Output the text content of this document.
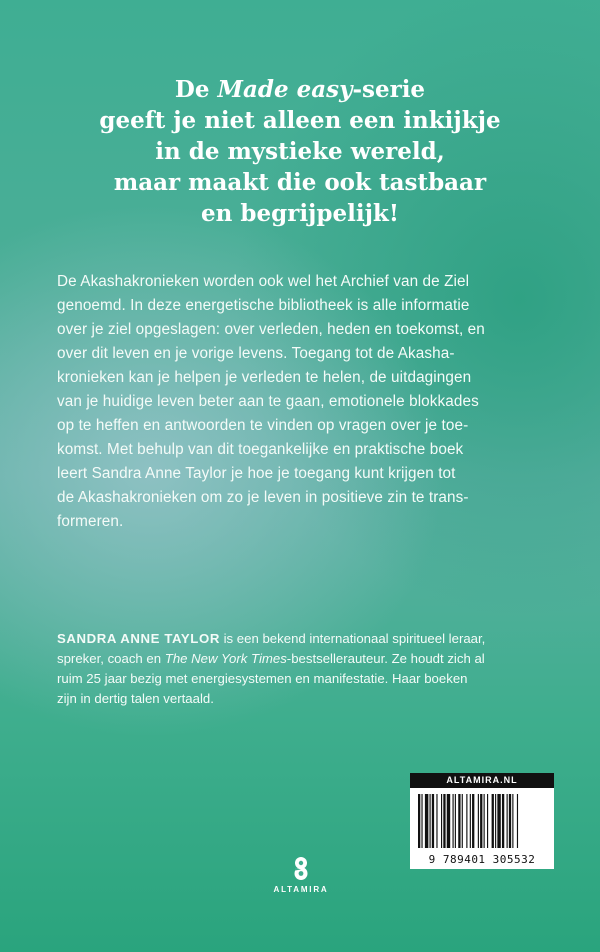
De Made easy-serie
geeft je niet alleen een inkijkje
in de mystieke wereld,
maar maakt die ook tastbaar
en begrijpelijk!
De Akashakronieken worden ook wel het Archief van de Ziel
genoemd. In deze energetische bibliotheek is alle informatie
over je ziel opgeslagen: over verleden, heden en toekomst, en
over dit leven en je vorige levens. Toegang tot de Akasha-
kronieken kan je helpen je verleden te helen, de uitdagingen
van je huidige leven beter aan te gaan, emotionele blokkades
op te heffen en antwoorden te vinden op vragen over je toe-
komst. Met behulp van dit toegankelijke en praktische boek
leert Sandra Anne Taylor je hoe je toegang kunt krijgen tot
de Akashakronieken om zo je leven in positieve zin te trans-
formeren.
SANDRA ANNE TAYLOR is een bekend internationaal spiritueel leraar,
spreker, coach en The New York Times-bestsellerauteur. Ze houdt zich al
ruim 25 jaar bezig met energiesystemen en manifestatie. Haar boeken
zijn in dertig talen vertaald.
ALTAMIRA
ALTAMIRA.NL
9 789401 305532
